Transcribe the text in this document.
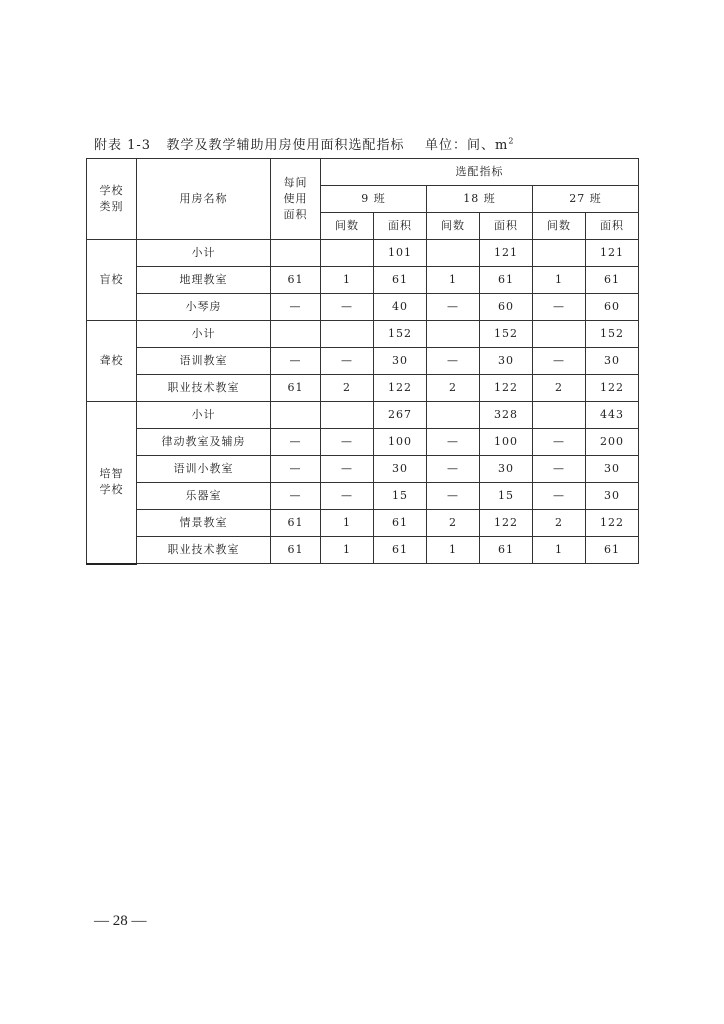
附表 1-3 教学及教学辅助用房使用面积选配指标 单位：间、$m^2$
学校类别	用房名称	每间使用面积	选配指标					
			9 班		18 班		27 班	
			间数	面积	间数	面积	间数	面积
盲校	小计			101		121		121
	地理教室	61	1	61	1	61	1	61
	小琴房	—	—	40	—	60	—	60
聋校	小计			152		152		152
	语训教室	—	—	30	—	30	—	30
	职业技术教室	61	2	122	2	122	2	122
培智学校	小计			267		328		443
	律动教室及辅房	—	—	100	—	100	—	200
	语训小教室	—	—	30	—	30	—	30
	乐器室	—	—	15	—	15	—	30
	情景教室	61	1	61	2	122	2	122
	职业技术教室	61	1	61	1	61	1	61
— 28 —
